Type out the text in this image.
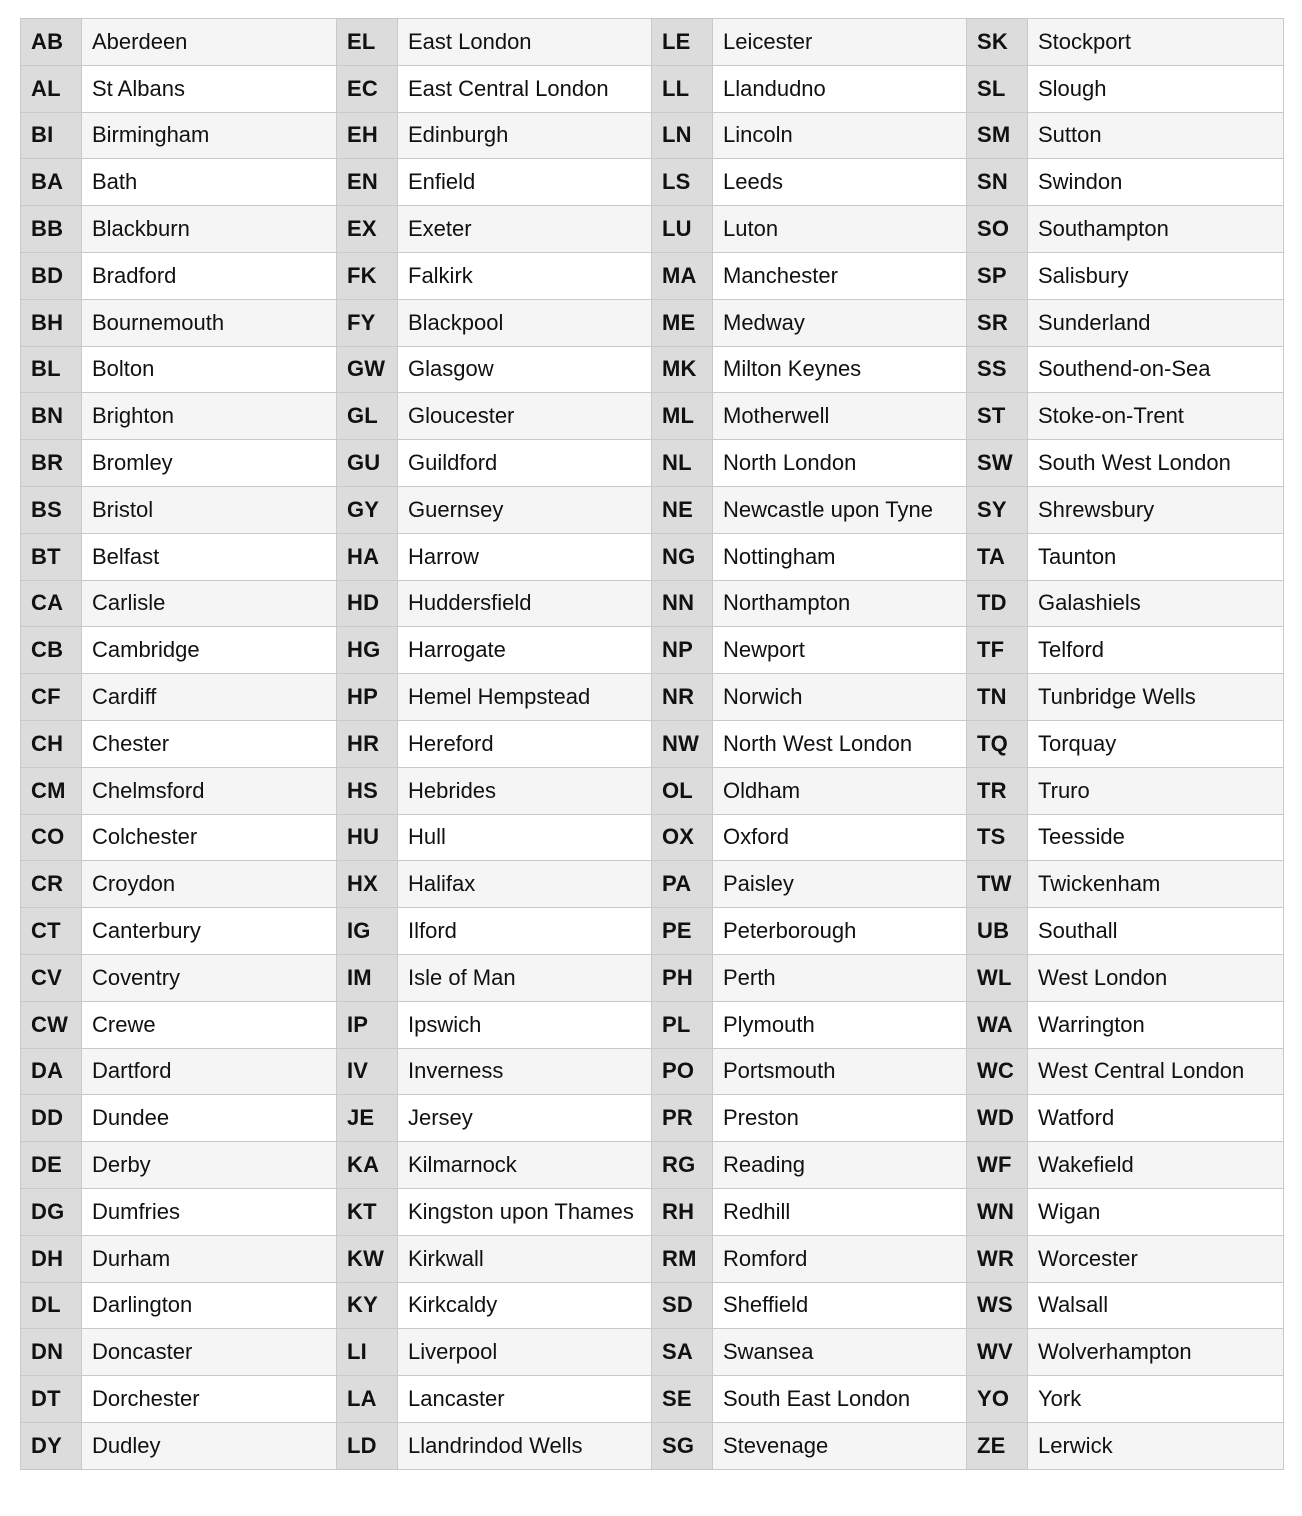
AB	Aberdeen	EL	East London	LE	Leicester	SK	Stockport
AL	St Albans	EC	East Central London	LL	Llandudno	SL	Slough
BI	Birmingham	EH	Edinburgh	LN	Lincoln	SM	Sutton
BA	Bath	EN	Enfield	LS	Leeds	SN	Swindon
BB	Blackburn	EX	Exeter	LU	Luton	SO	Southampton
BD	Bradford	FK	Falkirk	MA	Manchester	SP	Salisbury
BH	Bournemouth	FY	Blackpool	ME	Medway	SR	Sunderland
BL	Bolton	GW	Glasgow	MK	Milton Keynes	SS	Southend-on-Sea
BN	Brighton	GL	Gloucester	ML	Motherwell	ST	Stoke-on-Trent
BR	Bromley	GU	Guildford	NL	North London	SW	South West London
BS	Bristol	GY	Guernsey	NE	Newcastle upon Tyne	SY	Shrewsbury
BT	Belfast	HA	Harrow	NG	Nottingham	TA	Taunton
CA	Carlisle	HD	Huddersfield	NN	Northampton	TD	Galashiels
CB	Cambridge	HG	Harrogate	NP	Newport	TF	Telford
CF	Cardiff	HP	Hemel Hempstead	NR	Norwich	TN	Tunbridge Wells
CH	Chester	HR	Hereford	NW	North West London	TQ	Torquay
CM	Chelmsford	HS	Hebrides	OL	Oldham	TR	Truro
CO	Colchester	HU	Hull	OX	Oxford	TS	Teesside
CR	Croydon	HX	Halifax	PA	Paisley	TW	Twickenham
CT	Canterbury	IG	Ilford	PE	Peterborough	UB	Southall
CV	Coventry	IM	Isle of Man	PH	Perth	WL	West London
CW	Crewe	IP	Ipswich	PL	Plymouth	WA	Warrington
DA	Dartford	IV	Inverness	PO	Portsmouth	WC	West Central London
DD	Dundee	JE	Jersey	PR	Preston	WD	Watford
DE	Derby	KA	Kilmarnock	RG	Reading	WF	Wakefield
DG	Dumfries	KT	Kingston upon Thames	RH	Redhill	WN	Wigan
DH	Durham	KW	Kirkwall	RM	Romford	WR	Worcester
DL	Darlington	KY	Kirkcaldy	SD	Sheffield	WS	Walsall
DN	Doncaster	LI	Liverpool	SA	Swansea	WV	Wolverhampton
DT	Dorchester	LA	Lancaster	SE	South East London	YO	York
DY	Dudley	LD	Llandrindod Wells	SG	Stevenage	ZE	Lerwick
